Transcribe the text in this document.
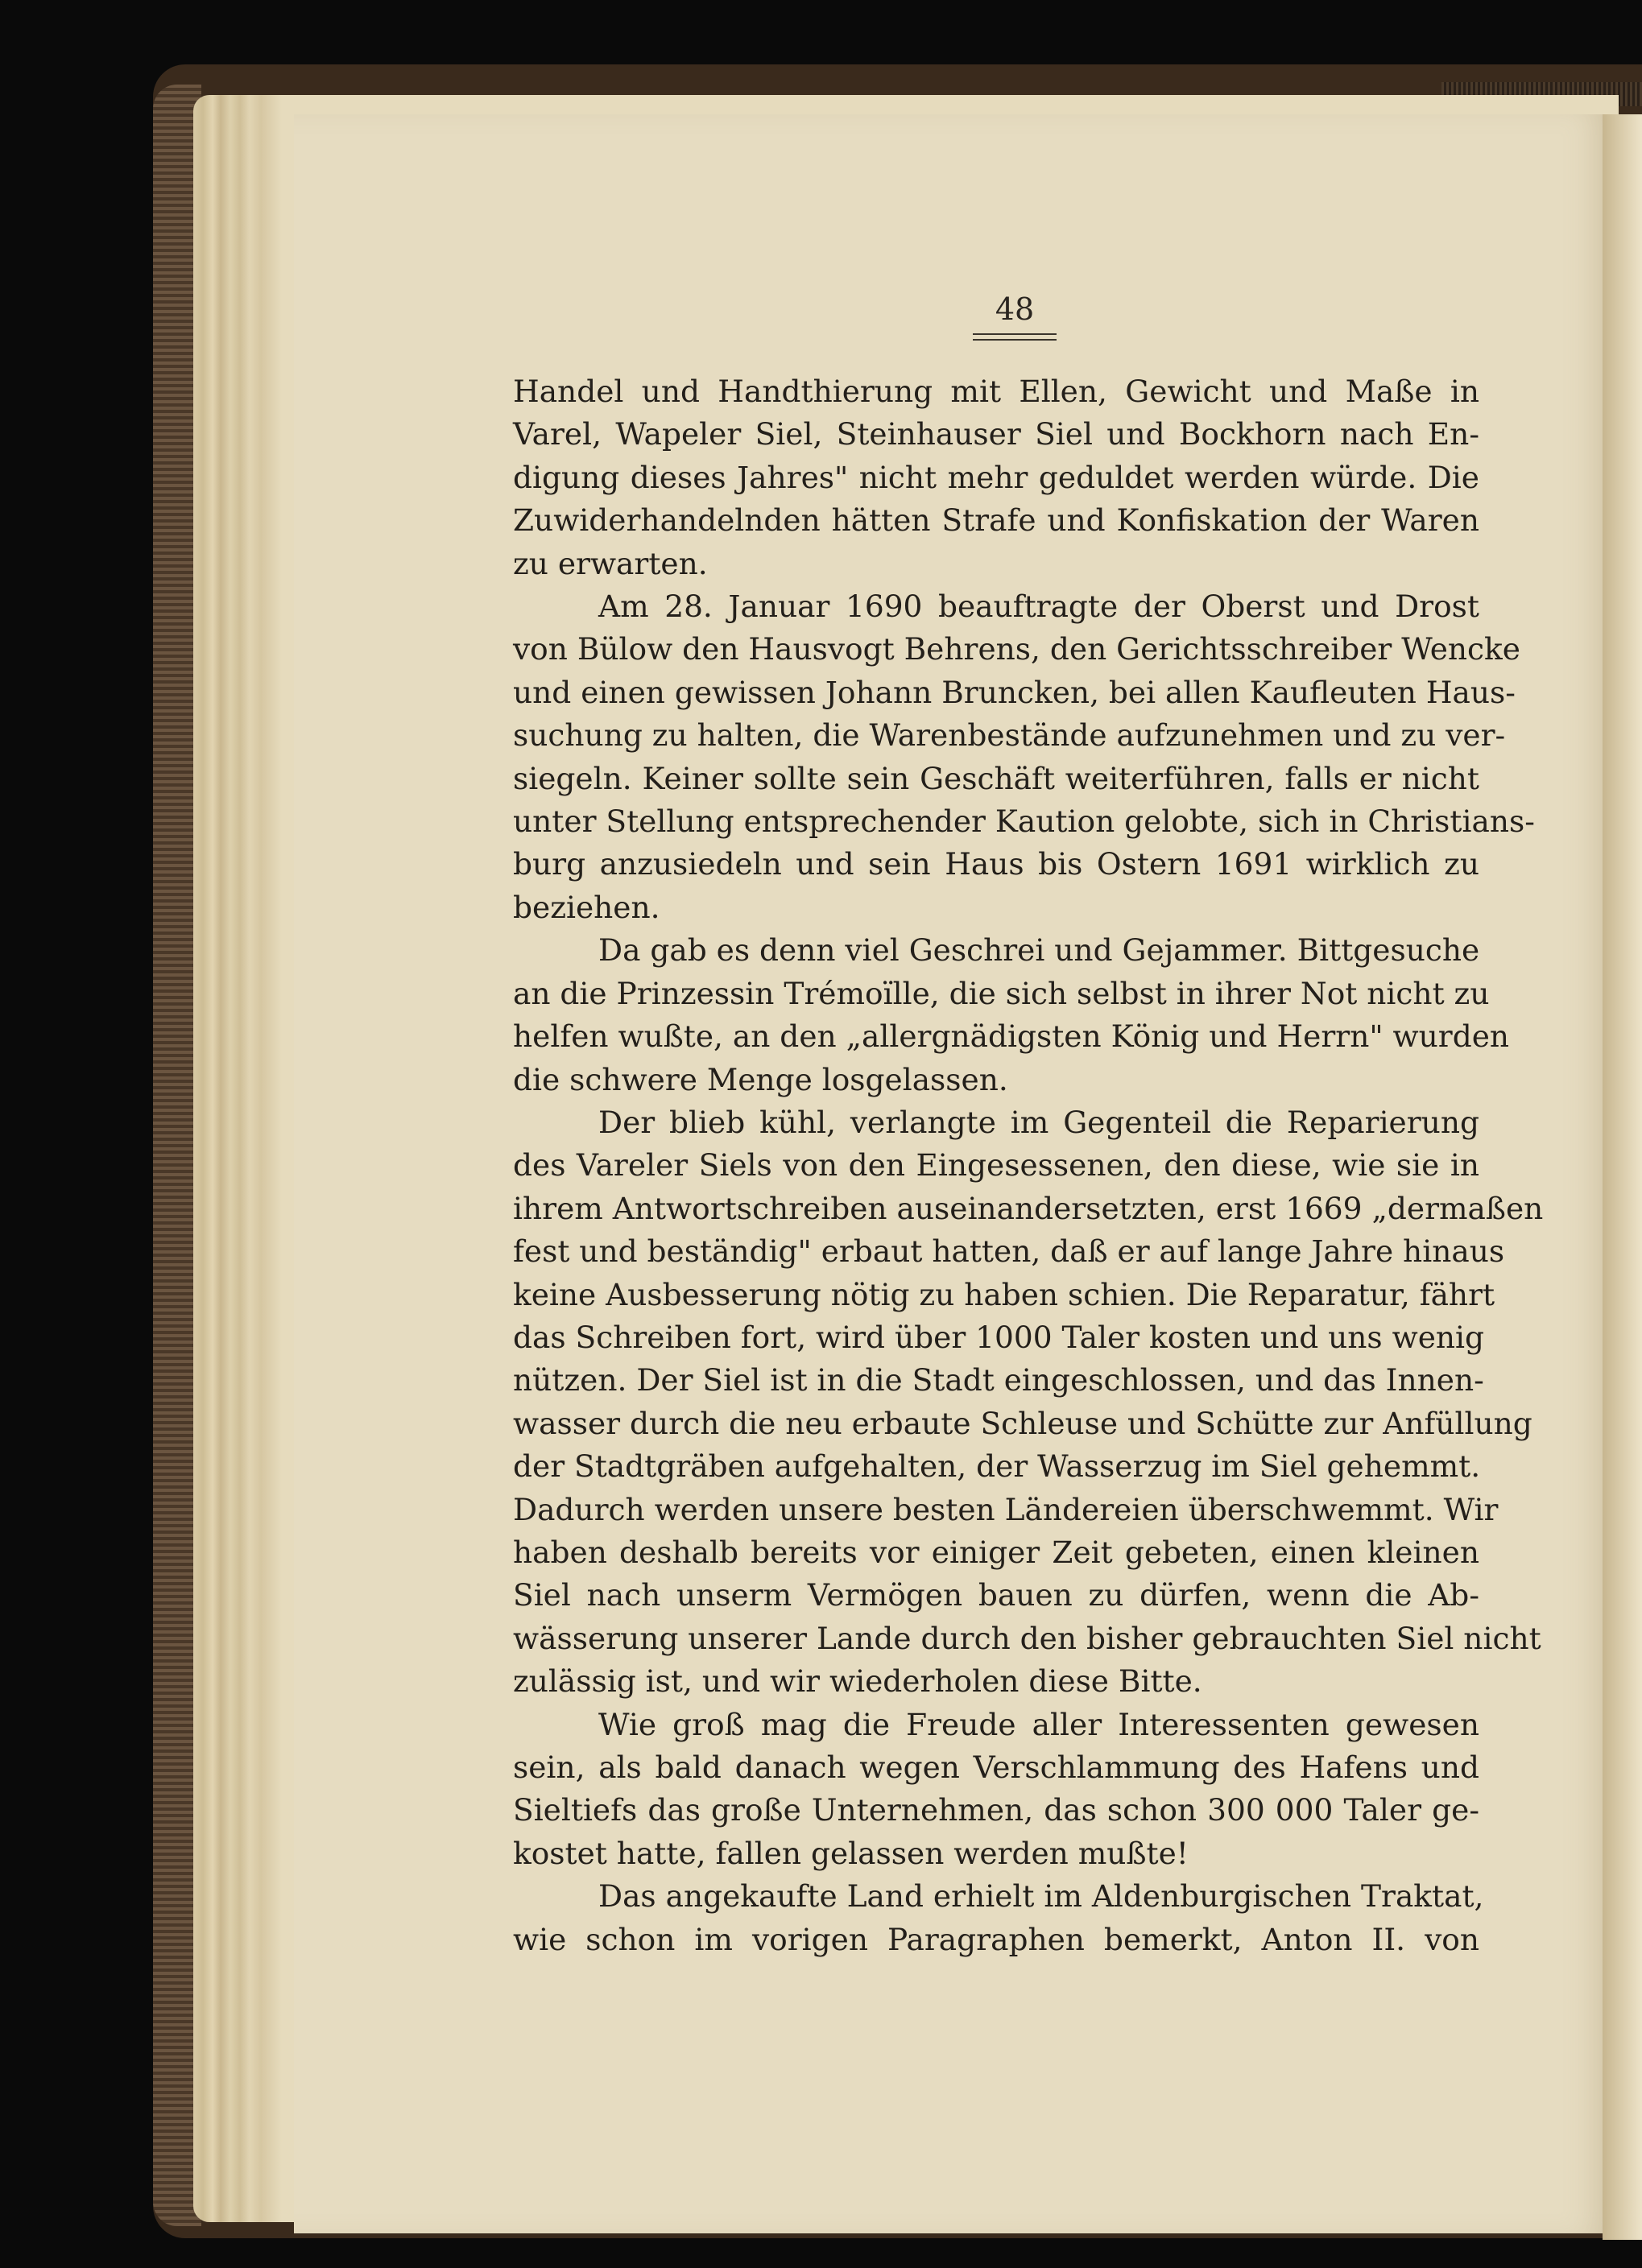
48
Handel und Handthierung mit Ellen, Gewicht und Maße in
Varel, Wapeler Siel, Steinhauser Siel und Bockhorn nach En-
digung dieses Jahres" nicht mehr geduldet werden würde. Die
Zuwiderhandelnden hätten Strafe und Konfiskation der Waren
zu erwarten.
Am 28. Januar 1690 beauftragte der Oberst und Drost
von Bülow den Hausvogt Behrens, den Gerichtsschreiber Wencke
und einen gewissen Johann Bruncken, bei allen Kaufleuten Haus-
suchung zu halten, die Warenbestände aufzunehmen und zu ver-
siegeln. Keiner sollte sein Geschäft weiterführen, falls er nicht
unter Stellung entsprechender Kaution gelobte, sich in Christians-
burg anzusiedeln und sein Haus bis Ostern 1691 wirklich zu
beziehen.
Da gab es denn viel Geschrei und Gejammer. Bittgesuche
an die Prinzessin Trémoïlle, die sich selbst in ihrer Not nicht zu
helfen wußte, an den „allergnädigsten König und Herrn" wurden
die schwere Menge losgelassen.
Der blieb kühl, verlangte im Gegenteil die Reparierung
des Vareler Siels von den Eingesessenen, den diese, wie sie in
ihrem Antwortschreiben auseinandersetzten, erst 1669 „dermaßen
fest und beständig" erbaut hatten, daß er auf lange Jahre hinaus
keine Ausbesserung nötig zu haben schien. Die Reparatur, fährt
das Schreiben fort, wird über 1000 Taler kosten und uns wenig
nützen. Der Siel ist in die Stadt eingeschlossen, und das Innen-
wasser durch die neu erbaute Schleuse und Schütte zur Anfüllung
der Stadtgräben aufgehalten, der Wasserzug im Siel gehemmt.
Dadurch werden unsere besten Ländereien überschwemmt. Wir
haben deshalb bereits vor einiger Zeit gebeten, einen kleinen
Siel nach unserm Vermögen bauen zu dürfen, wenn die Ab-
wässerung unserer Lande durch den bisher gebrauchten Siel nicht
zulässig ist, und wir wiederholen diese Bitte.
Wie groß mag die Freude aller Interessenten gewesen
sein, als bald danach wegen Verschlammung des Hafens und
Sieltiefs das große Unternehmen, das schon 300 000 Taler ge-
kostet hatte, fallen gelassen werden mußte!
Das angekaufte Land erhielt im Aldenburgischen Traktat,
wie schon im vorigen Paragraphen bemerkt, Anton II. von
